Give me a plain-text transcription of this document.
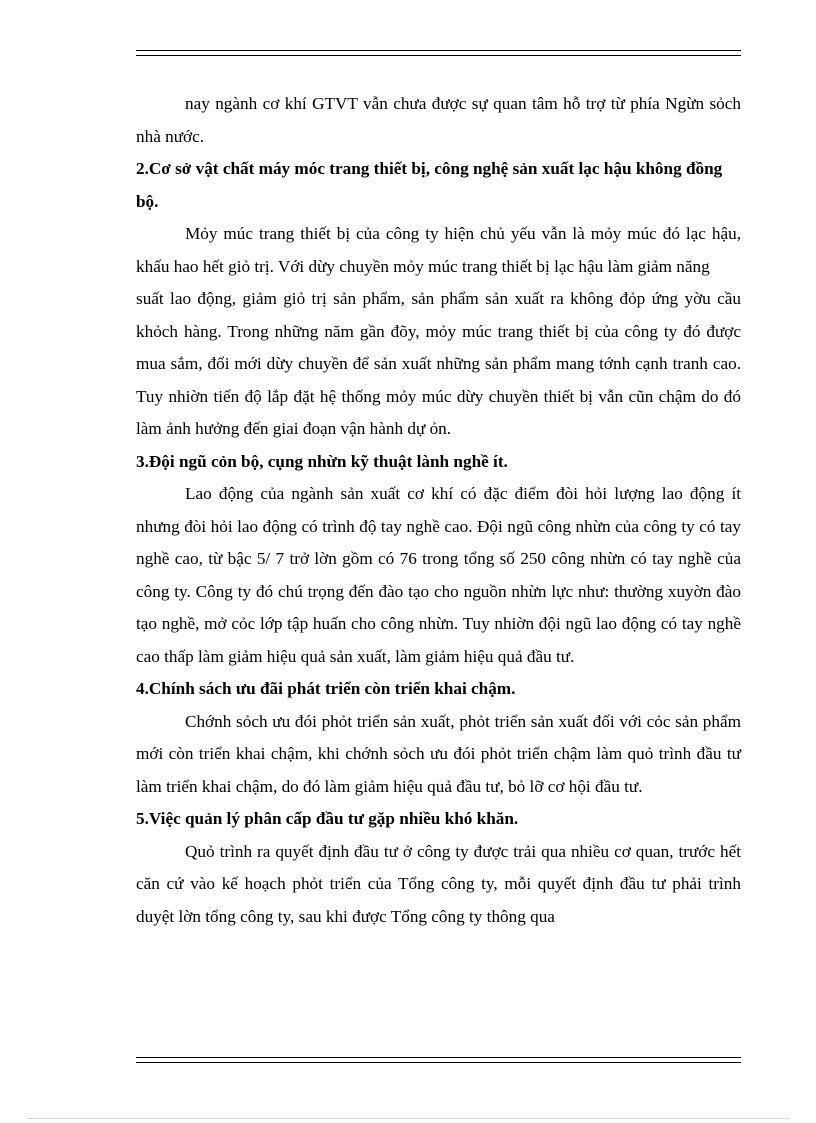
nay ngành cơ khí GTVT vẫn chưa được sự quan tâm hỗ trợ từ phía Ngừn sỏch nhà nước.

2.Cơ sở vật chất máy móc trang thiết bị, công nghệ sản xuất lạc hậu không đồng bộ.

Mỏy múc trang thiết bị của công ty hiện chủ yếu vẫn là mỏy múc đó lạc hậu, khấu hao hết giỏ trị. Với dừy chuyền mỏy múc trang thiết bị lạc hậu làm giảm năng

suất lao động, giảm giỏ trị sản phẩm, sản phẩm sản xuất ra không đỏp ứng yờu cầu khỏch hàng. Trong những năm gần đõy, mỏy múc trang thiết bị của công ty đó được mua sắm, đổi mới dừy chuyền để sản xuất những sản phẩm mang tớnh cạnh tranh cao. Tuy nhiờn tiến độ lắp đặt hệ thống mỏy múc dừy chuyền thiết bị vẫn cũn chậm do đó làm ảnh hưởng đến giai đoạn vận hành dự ỏn.

3.Đội ngũ cỏn bộ, cụng nhừn kỹ thuật lành nghề ít.

Lao động của ngành sản xuất cơ khí có đặc điểm đòi hỏi lượng lao động ít nhưng đòi hỏi lao động có trình độ tay nghề cao. Đội ngũ công nhừn của công ty có tay nghề cao, từ bậc 5/ 7 trở lờn gồm có 76 trong tổng số 250 công nhừn có tay nghề của công ty. Công ty đó chú trọng đến đào tạo cho nguồn nhừn lực như: thường xuyờn đào tạo nghề, mở cỏc lớp tập huấn cho công nhừn. Tuy nhiờn đội ngũ lao động có tay nghề cao thấp làm giảm hiệu quả sản xuất, làm giảm hiệu quả đầu tư.

4.Chính sách ưu đãi phát triển còn triển khai chậm.

Chớnh sỏch ưu đói phỏt triển sản xuất, phỏt triển sản xuất đối với cỏc sản phẩm mới còn triển khai chậm, khi chớnh sỏch ưu đói phỏt triển chậm làm quỏ trình đầu tư làm triển khai chậm, do đó làm giảm hiệu quả đầu tư, bỏ lỡ cơ hội đầu tư.

5.Việc quản lý phân cấp đầu tư gặp nhiều khó khăn.

Quỏ trình ra quyết định đầu tư ở công ty được trải qua nhiều cơ quan, trước hết căn cứ vào kế hoạch phỏt triển của Tổng công ty, mỗi quyết định đầu tư phải trình duyệt lờn tổng công ty, sau khi được Tổng công ty thông qua
